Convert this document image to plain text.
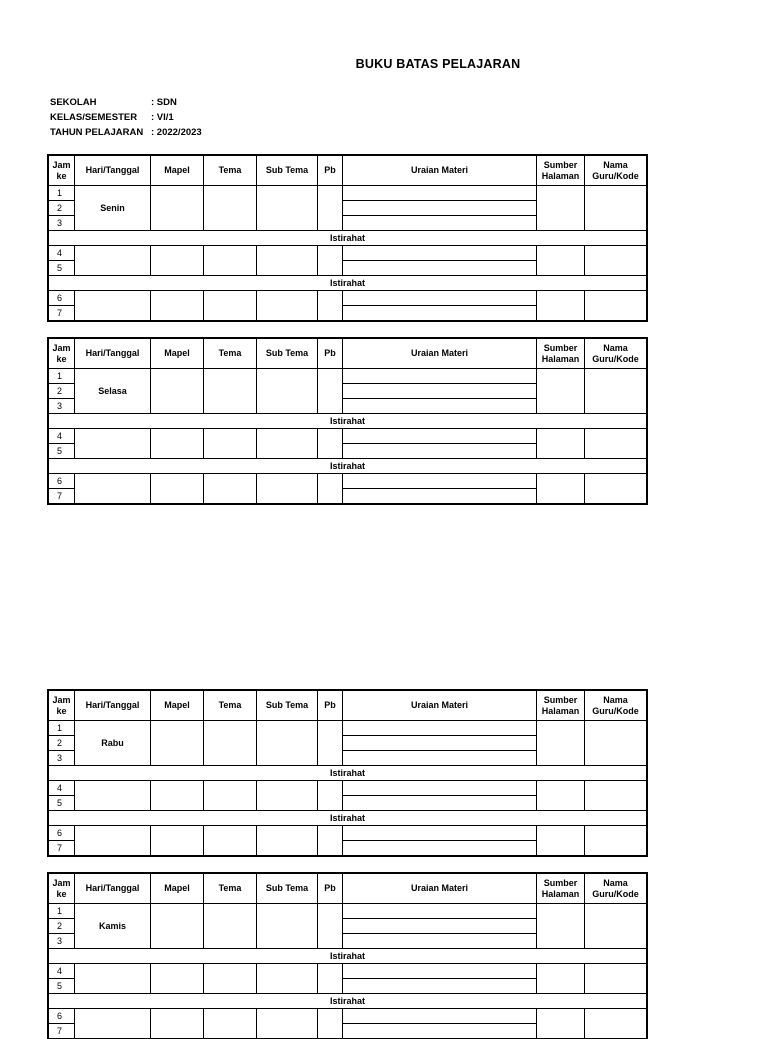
BUKU BATAS PELAJARAN
SEKOLAH	: SDN
KELAS/SEMESTER	: VI/1
TAHUN PELAJARAN : 2022/2023
Jam ke	Hari/Tanggal	Mapel	Tema	Sub Tema	Pb	Uraian Materi	Sumber Halaman	Nama Guru/Kode
1	Senin							
2								
3								
Istirahat								
4								
5								
Istirahat								
6								
7								
Jam ke	Hari/Tanggal	Mapel	Tema	Sub Tema	Pb	Uraian Materi	Sumber Halaman	Nama Guru/Kode
1	Selasa							
2								
3								
Istirahat								
4								
5								
Istirahat								
6								
7								
Jam ke	Hari/Tanggal	Mapel	Tema	Sub Tema	Pb	Uraian Materi	Sumber Halaman	Nama Guru/Kode
1	Rabu							
2								
3								
Istirahat								
4								
5								
Istirahat								
6								
7								
Jam ke	Hari/Tanggal	Mapel	Tema	Sub Tema	Pb	Uraian Materi	Sumber Halaman	Nama Guru/Kode
1	Kamis							
2								
3								
Istirahat								
4								
5								
Istirahat								
6								
7								
